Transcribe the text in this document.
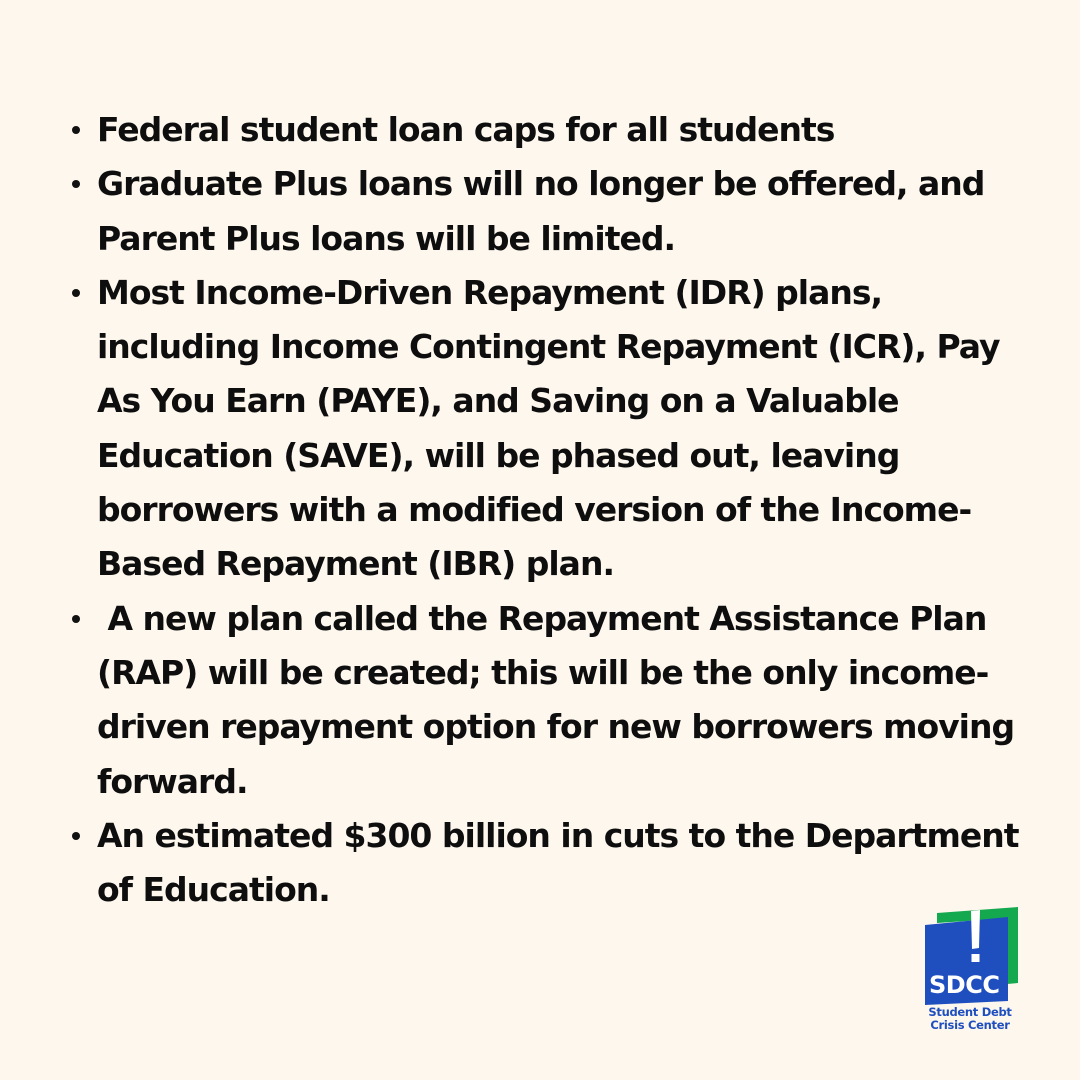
Federal student loan caps for all students
Graduate Plus loans will no longer be offered, and Parent Plus loans will be limited.
Most Income-Driven Repayment (IDR) plans, including Income Contingent Repayment (ICR), Pay As You Earn (PAYE), and Saving on a Valuable Education (SAVE), will be phased out, leaving borrowers with a modified version of the Income-Based Repayment (IBR) plan.
A new plan called the Repayment Assistance Plan (RAP) will be created; this will be the only income-driven repayment option for new borrowers moving forward.
An estimated $300 billion in cuts to the Department of Education.
SDCC
Student Debt
Crisis Center
